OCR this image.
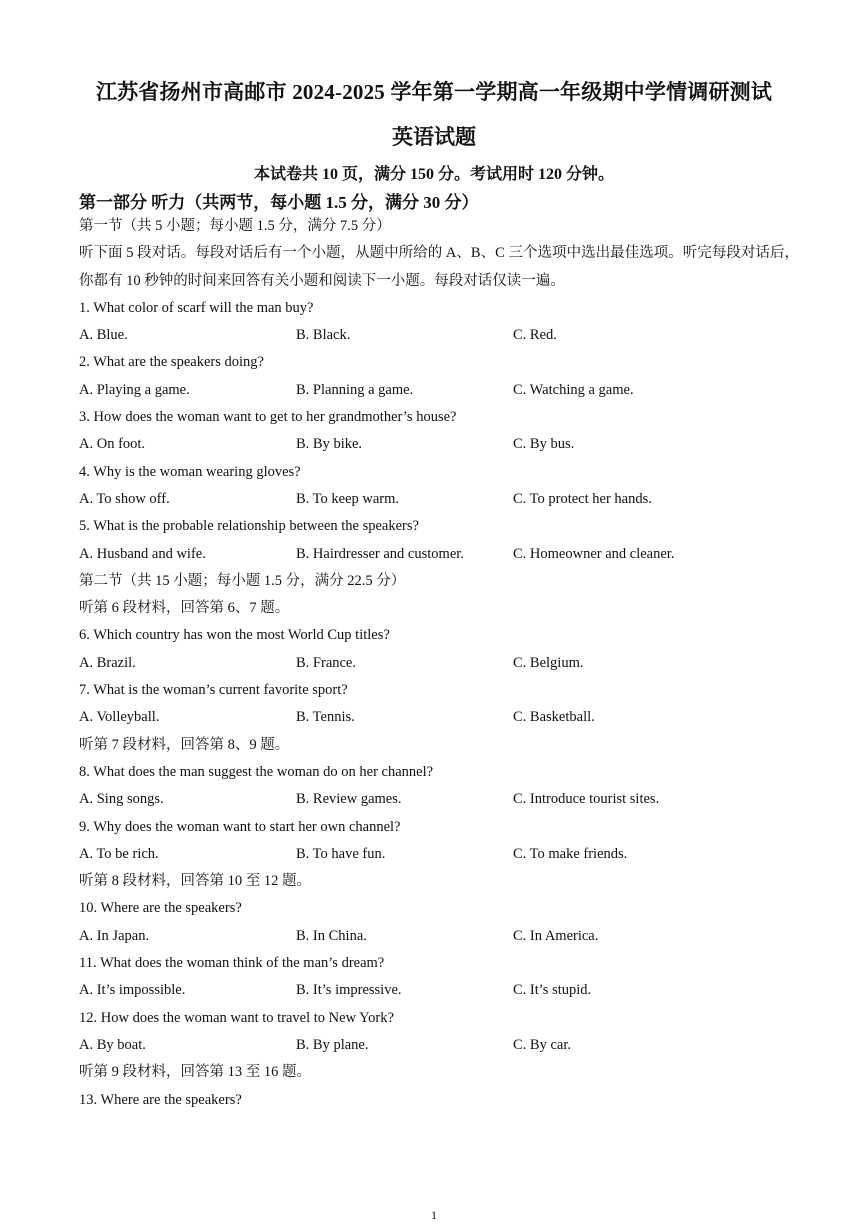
江苏省扬州市高邮市 2024-2025 学年第一学期高一年级期中学情调研测试
英语试题
本试卷共 10 页，满分 150 分。考试用时 120 分钟。
第一部分 听力（共两节，每小题 1.5 分，满分 30 分）
第一节（共 5 小题；每小题 1.5 分，满分 7.5 分）
听下面 5 段对话。每段对话后有一个小题，从题中所给的 A、B、C 三个选项中选出最佳选项。听完每段对话后，你都有 10 秒钟的时间来回答有关小题和阅读下一小题。每段对话仅读一遍。
1. What color of scarf will the man buy?
A. Blue.	B. Black.	C. Red.
2. What are the speakers doing?
A. Playing a game.	B. Planning a game.	C. Watching a game.
3. How does the woman want to get to her grandmother’s house?
A. On foot.	B. By bike.	C. By bus.
4. Why is the woman wearing gloves?
A. To show off.	B. To keep warm.	C. To protect her hands.
5. What is the probable relationship between the speakers?
A. Husband and wife.	B. Hairdresser and customer.	C. Homeowner and cleaner.
第二节（共 15 小题；每小题 1.5 分，满分 22.5 分）
听第 6 段材料，回答第 6、7 题。
6. Which country has won the most World Cup titles?
A. Brazil.	B. France.	C. Belgium.
7. What is the woman’s current favorite sport?
A. Volleyball.	B. Tennis.	C. Basketball.
听第 7 段材料，回答第 8、9 题。
8. What does the man suggest the woman do on her channel?
A. Sing songs.	B. Review games.	C. Introduce tourist sites.
9. Why does the woman want to start her own channel?
A. To be rich.	B. To have fun.	C. To make friends.
听第 8 段材料，回答第 10 至 12 题。
10. Where are the speakers?
A. In Japan.	B. In China.	C. In America.
11. What does the woman think of the man’s dream?
A. It’s impossible.	B. It’s impressive.	C. It’s stupid.
12. How does the woman want to travel to New York?
A. By boat.	B. By plane.	C. By car.
听第 9 段材料，回答第 13 至 16 题。
13. Where are the speakers?
1
